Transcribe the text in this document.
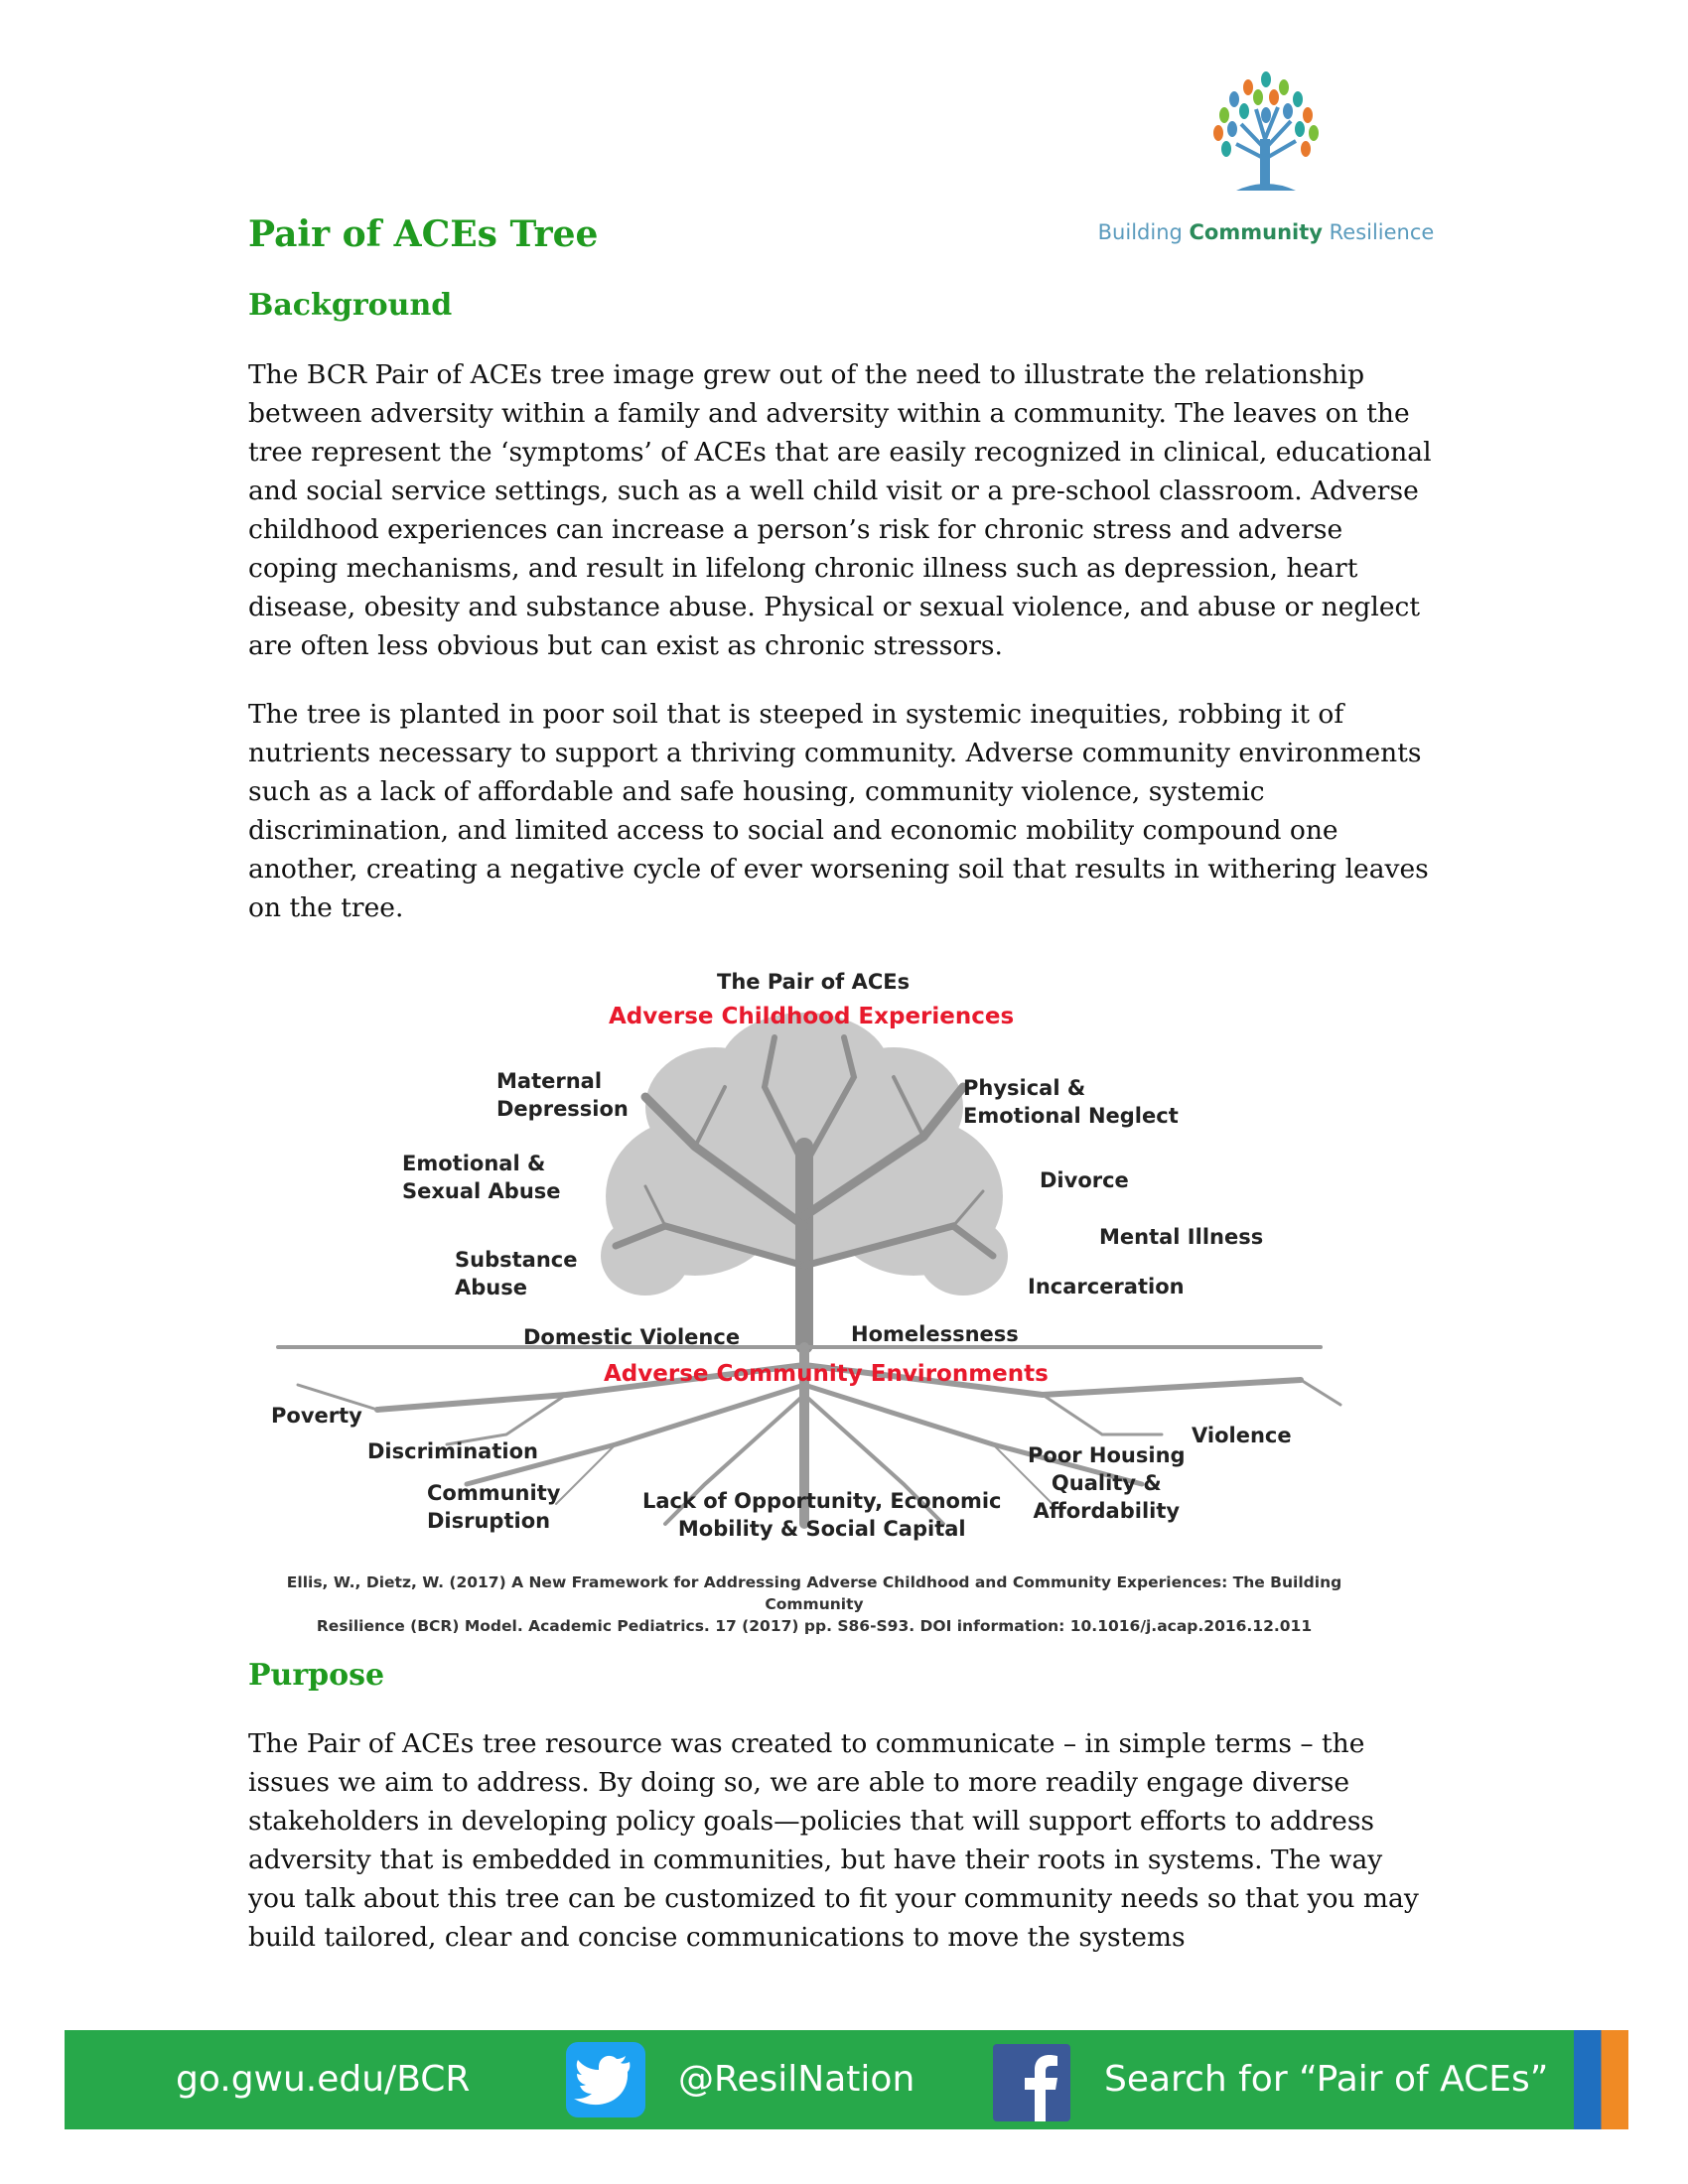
Building Community Resilience
Pair of ACEs Tree
Background

The BCR Pair of ACEs tree image grew out of the need to illustrate the relationship between adversity within a family and adversity within a community. The leaves on the tree represent the ‘symptoms’ of ACEs that are easily recognized in clinical, educational and social service settings, such as a well child visit or a pre-school classroom. Adverse childhood experiences can increase a person’s risk for chronic stress and adverse coping mechanisms, and result in lifelong chronic illness such as depression, heart disease, obesity and substance abuse. Physical or sexual violence, and abuse or neglect are often less obvious but can exist as chronic stressors.

The tree is planted in poor soil that is steeped in systemic inequities, robbing it of nutrients necessary to support a thriving community. Adverse community environments such as a lack of affordable and safe housing, community violence, systemic discrimination, and limited access to social and economic mobility compound one another, creating a negative cycle of ever worsening soil that results in withering leaves on the tree.

The Pair of ACEs
Adverse Childhood Experiences
Maternal
Depression
Emotional &
Sexual Abuse
Substance
Abuse
Domestic Violence
Physical &
Emotional Neglect
Divorce
Mental Illness
Incarceration
Homelessness
Adverse Community Environments
Poverty
Discrimination
Community
Disruption
Lack of Opportunity, Economic
Mobility & Social Capital
Poor Housing
Quality &
Affordability
Violence
Ellis, W., Dietz, W. (2017) A New Framework for Addressing Adverse Childhood and Community Experiences: The Building Community
Resilience (BCR) Model. Academic Pediatrics. 17 (2017) pp. S86-S93. DOI information: 10.1016/j.acap.2016.12.011
Purpose

The Pair of ACEs tree resource was created to communicate – in simple terms – the issues we aim to address. By doing so, we are able to more readily engage diverse stakeholders in developing policy goals—policies that will support efforts to address adversity that is embedded in communities, but have their roots in systems. The way you talk about this tree can be customized to fit your community needs so that you may build tailored, clear and concise communications to move the systems

go.gwu.edu/BCR	@ResilNation	Search for “Pair of ACEs”
